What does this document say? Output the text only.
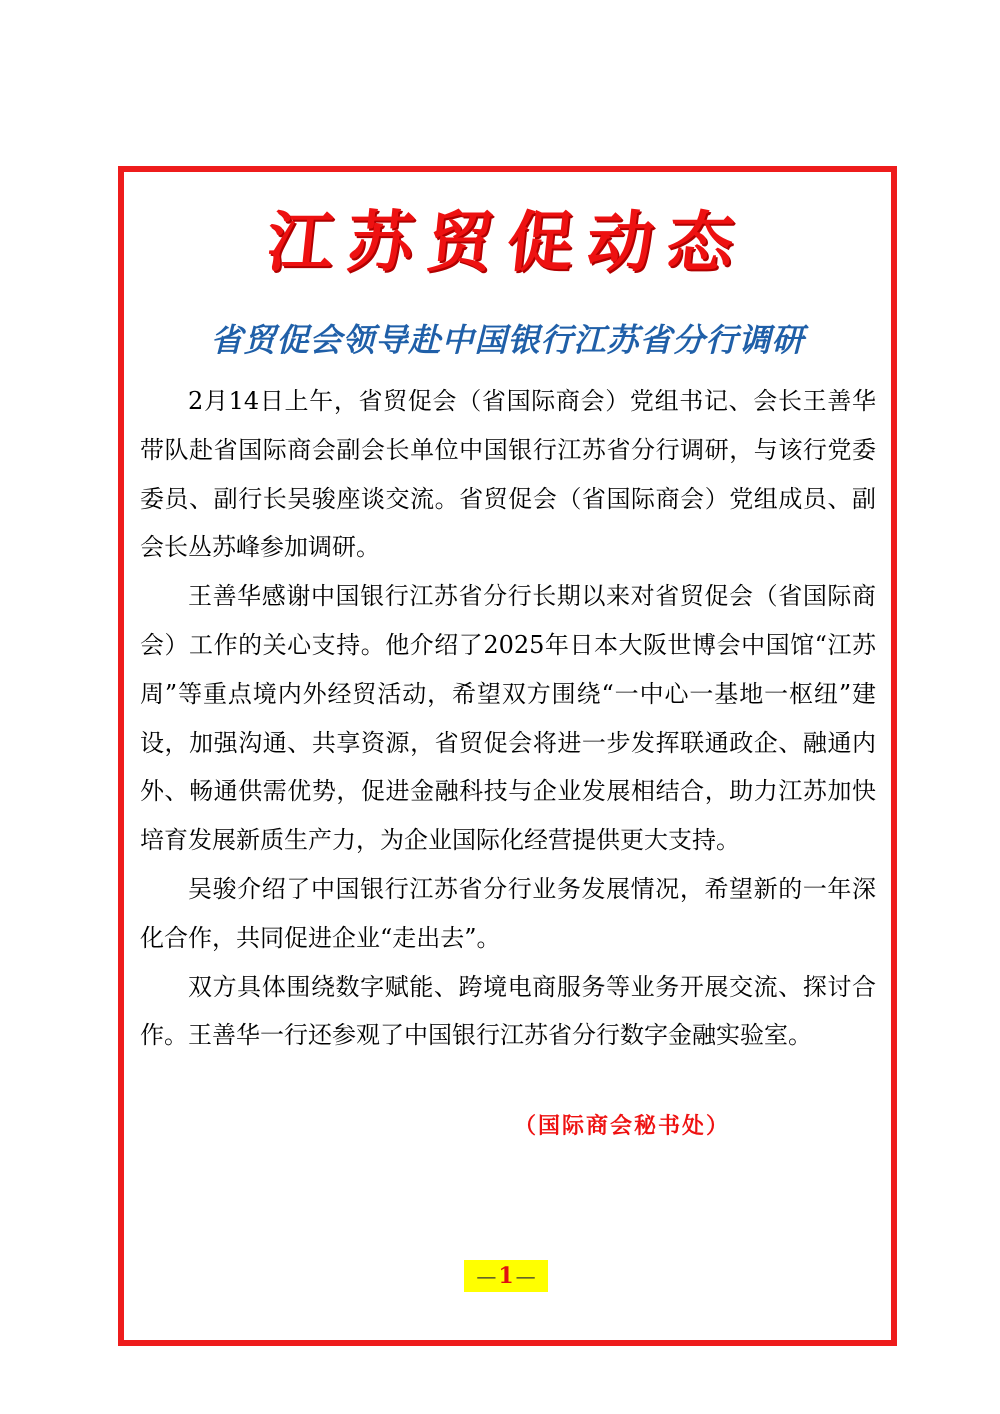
江苏贸促动态
省贸促会领导赴中国银行江苏省分行调研

2月14日上午，省贸促会（省国际商会）党组书记、会长王善华带队赴省国际商会副会长单位中国银行江苏省分行调研，与该行党委委员、副行长吴骏座谈交流。省贸促会（省国际商会）党组成员、副会长丛苏峰参加调研。

王善华感谢中国银行江苏省分行长期以来对省贸促会（省国际商会）工作的关心支持。他介绍了2025年日本大阪世博会中国馆“江苏周”等重点境内外经贸活动，希望双方围绕“一中心一基地一枢纽”建设，加强沟通、共享资源，省贸促会将进一步发挥联通政企、融通内外、畅通供需优势，促进金融科技与企业发展相结合，助力江苏加快培育发展新质生产力，为企业国际化经营提供更大支持。

吴骏介绍了中国银行江苏省分行业务发展情况，希望新的一年深化合作，共同促进企业“走出去”。

双方具体围绕数字赋能、跨境电商服务等业务开展交流、探讨合作。王善华一行还参观了中国银行江苏省分行数字金融实验室。

（国际商会秘书处）
—1 —
